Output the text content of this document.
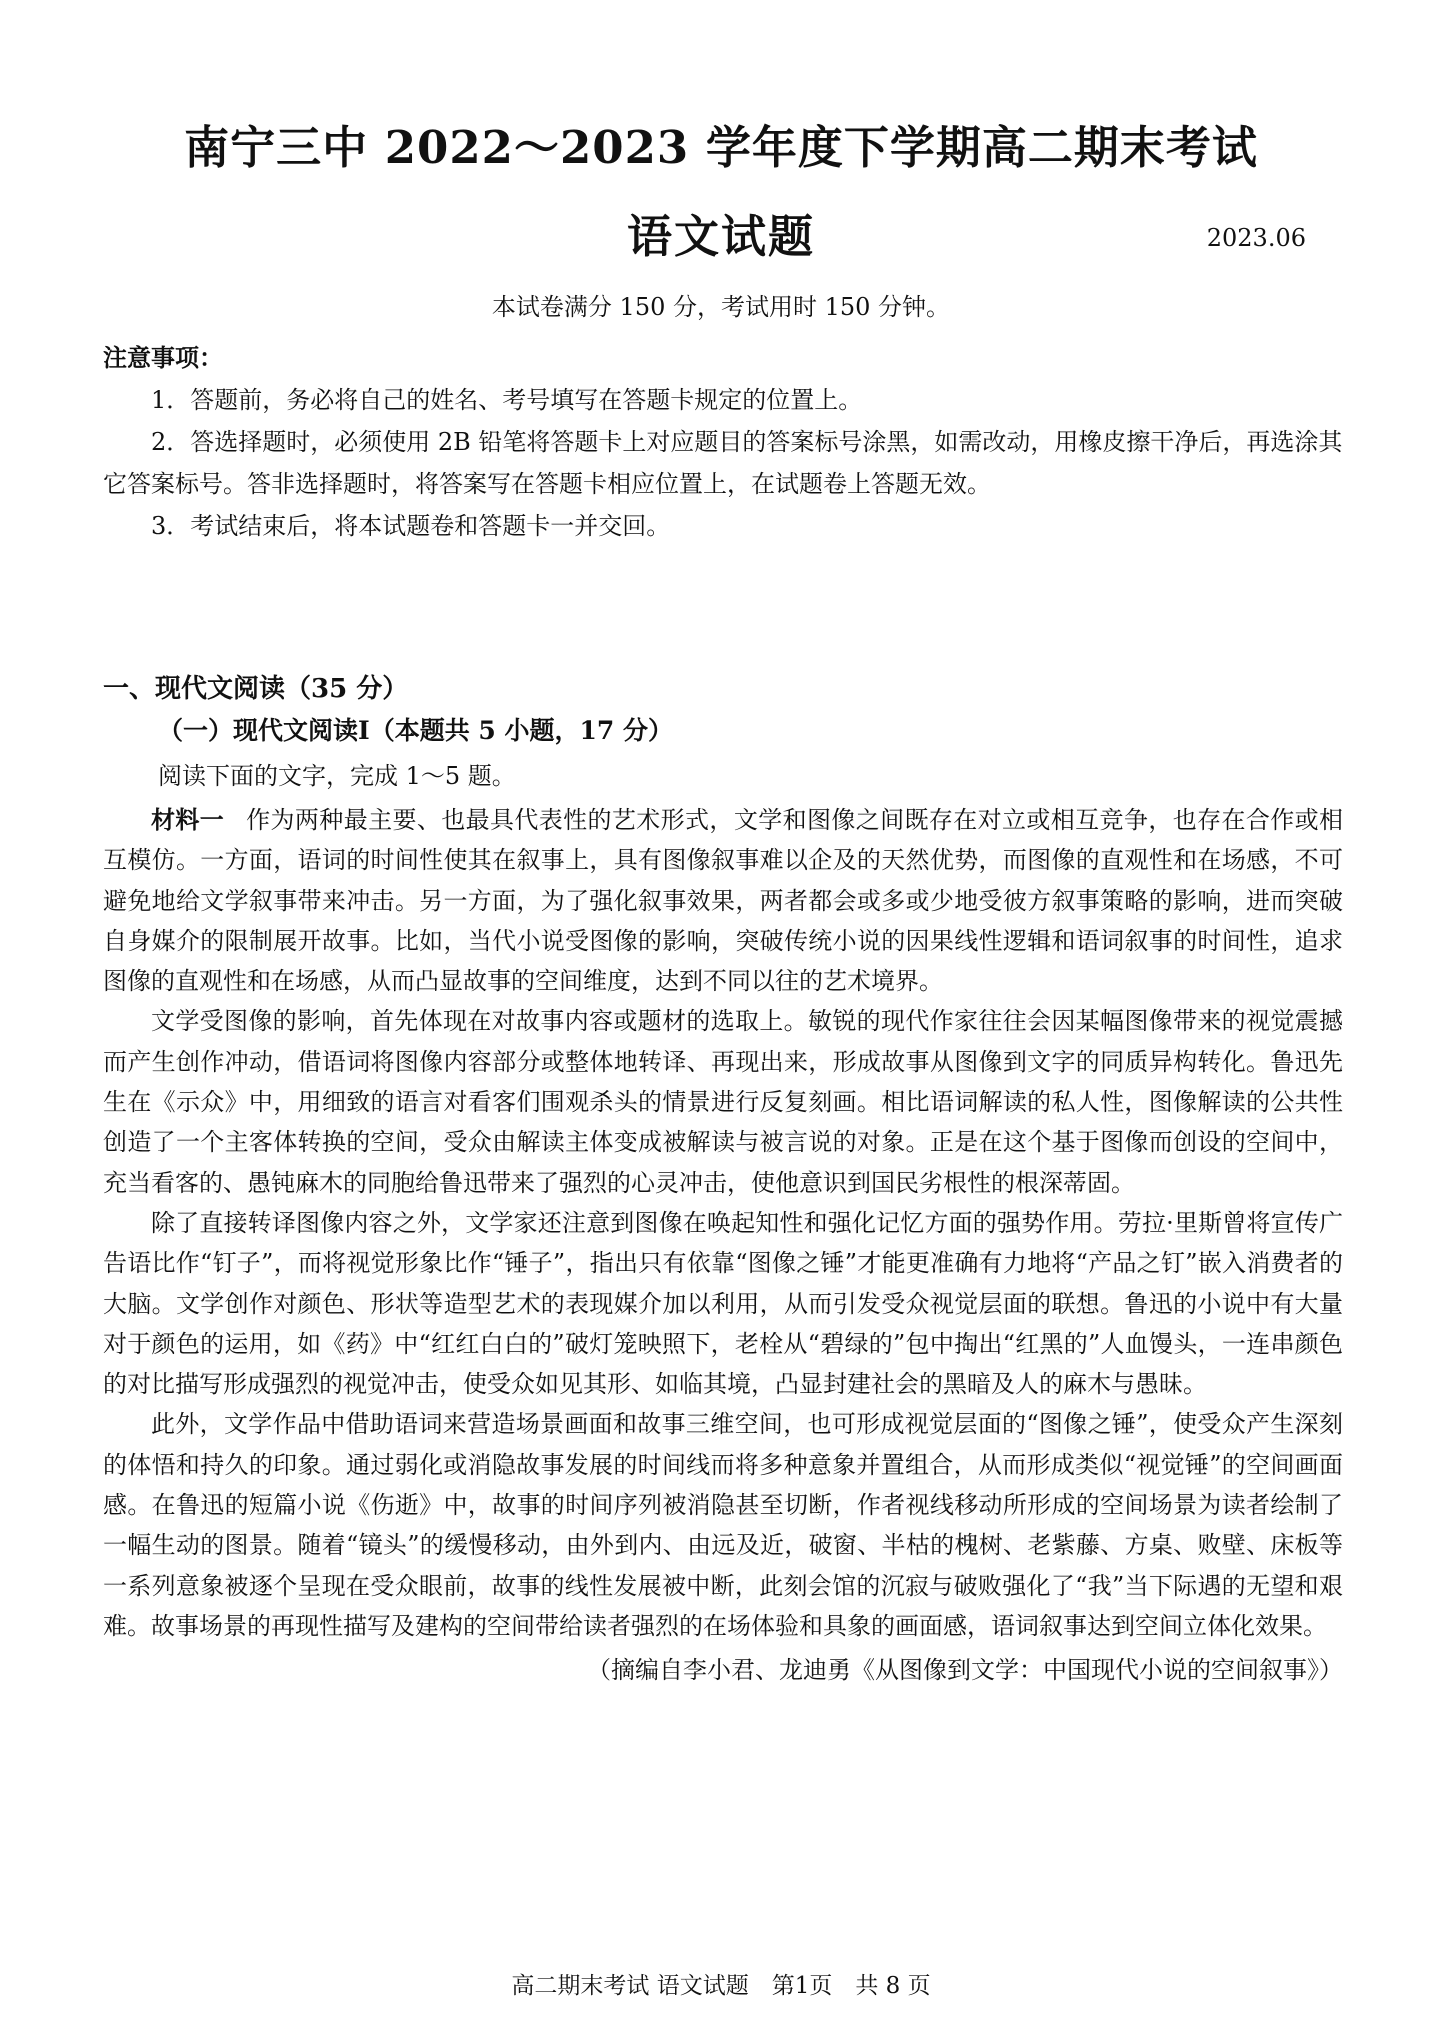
南宁三中 2022～2023 学年度下学期高二期末考试
语文试题	2023.06
本试卷满分 150 分，考试用时 150 分钟。

注意事项：

1．答题前，务必将自己的姓名、考号填写在答题卡规定的位置上。

2．答选择题时，必须使用 2B 铅笔将答题卡上对应题目的答案标号涂黑，如需改动，用橡皮擦干净后，再选涂其它答案标号。答非选择题时，将答案写在答题卡相应位置上，在试题卷上答题无效。

3．考试结束后，将本试题卷和答题卡一并交回。

一、现代文阅读（35 分）

（一）现代文阅读Ⅰ（本题共 5 小题，17 分）

阅读下面的文字，完成 1～5 题。

材料一 作为两种最主要、也最具代表性的艺术形式，文学和图像之间既存在对立或相互竞争，也存在合作或相互模仿。一方面，语词的时间性使其在叙事上，具有图像叙事难以企及的天然优势，而图像的直观性和在场感，不可避免地给文学叙事带来冲击。另一方面，为了强化叙事效果，两者都会或多或少地受彼方叙事策略的影响，进而突破自身媒介的限制展开故事。比如，当代小说受图像的影响，突破传统小说的因果线性逻辑和语词叙事的时间性，追求图像的直观性和在场感，从而凸显故事的空间维度，达到不同以往的艺术境界。

文学受图像的影响，首先体现在对故事内容或题材的选取上。敏锐的现代作家往往会因某幅图像带来的视觉震撼而产生创作冲动，借语词将图像内容部分或整体地转译、再现出来，形成故事从图像到文字的同质异构转化。鲁迅先生在《示众》中，用细致的语言对看客们围观杀头的情景进行反复刻画。相比语词解读的私人性，图像解读的公共性创造了一个主客体转换的空间，受众由解读主体变成被解读与被言说的对象。正是在这个基于图像而创设的空间中，充当看客的、愚钝麻木的同胞给鲁迅带来了强烈的心灵冲击，使他意识到国民劣根性的根深蒂固。

除了直接转译图像内容之外，文学家还注意到图像在唤起知性和强化记忆方面的强势作用。劳拉·里斯曾将宣传广告语比作“钉子”，而将视觉形象比作“锤子”，指出只有依靠“图像之锤”才能更准确有力地将“产品之钉”嵌入消费者的大脑。文学创作对颜色、形状等造型艺术的表现媒介加以利用，从而引发受众视觉层面的联想。鲁迅的小说中有大量对于颜色的运用，如《药》中“红红白白的”破灯笼映照下，老栓从“碧绿的”包中掏出“红黑的”人血馒头，一连串颜色的对比描写形成强烈的视觉冲击，使受众如见其形、如临其境，凸显封建社会的黑暗及人的麻木与愚昧。

此外，文学作品中借助语词来营造场景画面和故事三维空间，也可形成视觉层面的“图像之锤”，使受众产生深刻的体悟和持久的印象。通过弱化或消隐故事发展的时间线而将多种意象并置组合，从而形成类似“视觉锤”的空间画面感。在鲁迅的短篇小说《伤逝》中，故事的时间序列被消隐甚至切断，作者视线移动所形成的空间场景为读者绘制了一幅生动的图景。随着“镜头”的缓慢移动，由外到内、由远及近，破窗、半枯的槐树、老紫藤、方桌、败壁、床板等一系列意象被逐个呈现在受众眼前，故事的线性发展被中断，此刻会馆的沉寂与破败强化了“我”当下际遇的无望和艰难。故事场景的再现性描写及建构的空间带给读者强烈的在场体验和具象的画面感，语词叙事达到空间立体化效果。

（摘编自李小君、龙迪勇《从图像到文学：中国现代小说的空间叙事》）

高二期末考试 语文试题　第1页　共 8 页
